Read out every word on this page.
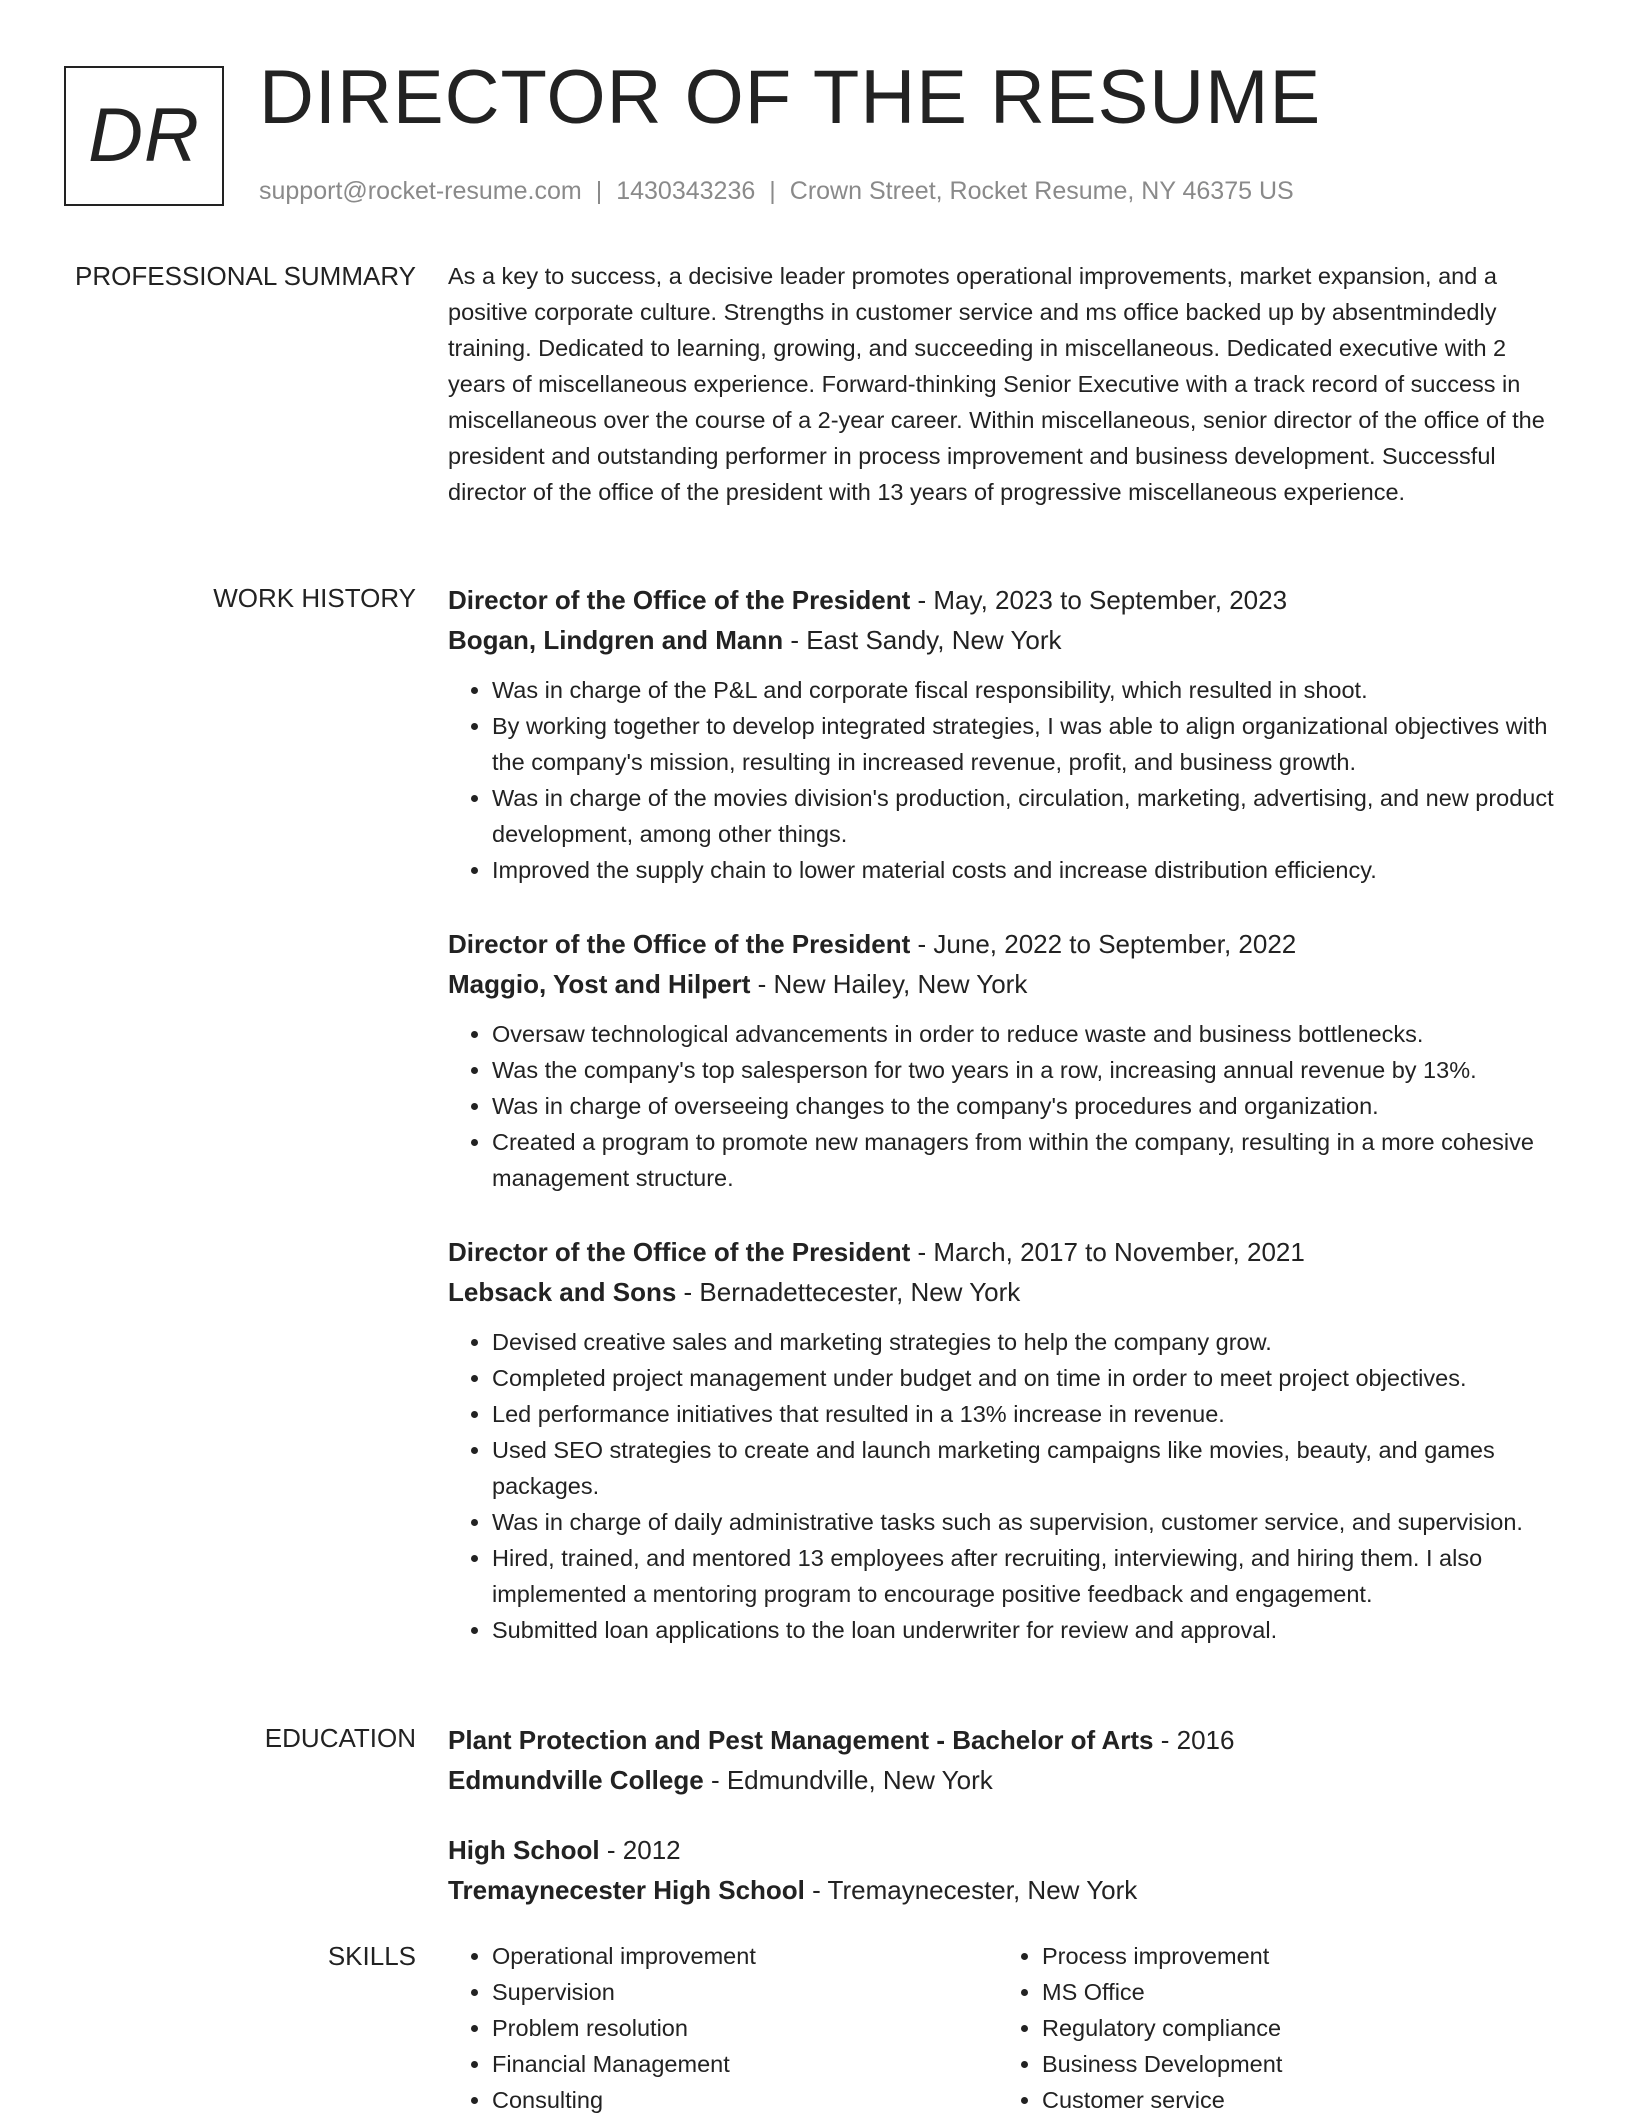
DR DIRECTOR OF THE RESUME
support@rocket-resume.com | 1430343236 | Crown Street, Rocket Resume, NY 46375 US
PROFESSIONAL SUMMARY As a key to success, a decisive leader promotes operational improvements, market expansion, and a positive corporate culture. Strengths in customer service and ms office backed up by absentmindedly training. Dedicated to learning, growing, and succeeding in miscellaneous. Dedicated executive with 2 years of miscellaneous experience. Forward-thinking Senior Executive with a track record of success in miscellaneous over the course of a 2-year career. Within miscellaneous, senior director of the office of the president and outstanding performer in process improvement and business development. Successful director of the office of the president with 13 years of progressive miscellaneous experience.

WORK HISTORY Director of the Office of the President - May, 2023 to September, 2023
Bogan, Lindgren and Mann - East Sandy, New York
• Was in charge of the P&L and corporate fiscal responsibility, which resulted in shoot.
• By working together to develop integrated strategies, I was able to align organizational objectives with the company's mission, resulting in increased revenue, profit, and business growth.
• Was in charge of the movies division's production, circulation, marketing, advertising, and new product development, among other things.
• Improved the supply chain to lower material costs and increase distribution efficiency.
Director of the Office of the President - June, 2022 to September, 2022
Maggio, Yost and Hilpert - New Hailey, New York
• Oversaw technological advancements in order to reduce waste and business bottlenecks.
• Was the company's top salesperson for two years in a row, increasing annual revenue by 13%.
• Was in charge of overseeing changes to the company's procedures and organization.
• Created a program to promote new managers from within the company, resulting in a more cohesive management structure.
Director of the Office of the President - March, 2017 to November, 2021
Lebsack and Sons - Bernadettecester, New York
• Devised creative sales and marketing strategies to help the company grow.
• Completed project management under budget and on time in order to meet project objectives.
• Led performance initiatives that resulted in a 13% increase in revenue.
• Used SEO strategies to create and launch marketing campaigns like movies, beauty, and games packages.
• Was in charge of daily administrative tasks such as supervision, customer service, and supervision.
• Hired, trained, and mentored 13 employees after recruiting, interviewing, and hiring them. I also implemented a mentoring program to encourage positive feedback and engagement.
• Submitted loan applications to the loan underwriter for review and approval.
EDUCATION Plant Protection and Pest Management - Bachelor of Arts - 2016
Edmundville College - Edmundville, New York
High School - 2012
Tremaynecester High School - Tremaynecester, New York
SKILLS
•	Operational improvement
• Supervision
• Problem resolution
• Financial Management
• Consulting
• Process improvement
• MS Office
• Regulatory compliance
• Business Development
• Customer service
